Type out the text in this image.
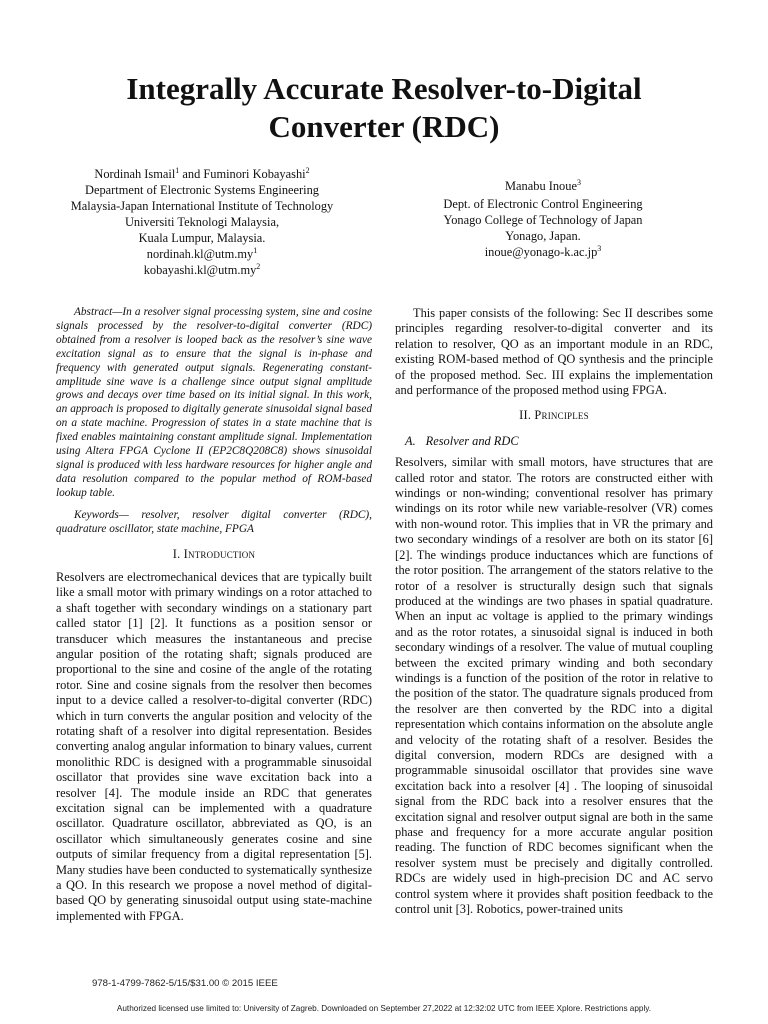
Integrally Accurate Resolver-to-Digital
Converter (RDC)
Nordinah Ismail$^1$ and Fuminori Kobayashi$^2$
Department of Electronic Systems Engineering
Malaysia-Japan International Institute of Technology
Universiti Teknologi Malaysia,
Kuala Lumpur, Malaysia.
$nordinah.kl@utm.my^1$
$kobayashi.kl@utm.my^2$
Manabu Inoue$^3$
Dept. of Electronic Control Engineering
Yonago College of Technology of Japan
Yonago, Japan.
$inoue@yonago-k.ac.jp^3$

Abstract—In a resolver signal processing system, sine and cosine signals processed by the resolver-to-digital converter (RDC) obtained from a resolver is looped back as the resolver’s sine wave excitation signal as to ensure that the signal is in-phase and frequency with generated output signals. Regenerating constant-amplitude sine wave is a challenge since output signal amplitude grows and decays over time based on its initial signal. In this work, an approach is proposed to digitally generate sinusoidal signal based on a state machine. Progression of states in a state machine that is fixed enables maintaining constant amplitude signal. Implementation using Altera FPGA Cyclone II (EP2C8Q208C8) shows sinusoidal signal is produced with less hardware resources for higher angle and data resolution compared to the popular method of ROM-based lookup table.

Keywords— resolver, resolver digital converter (RDC), quadrature oscillator, state machine, FPGA

I. Introduction

Resolvers are electromechanical devices that are typically built like a small motor with primary windings on a rotor attached to a shaft together with secondary windings on a stationary part called stator [1] [2]. It functions as a position sensor or transducer which measures the instantaneous and precise angular position of the rotating shaft; signals produced are proportional to the sine and cosine of the angle of the rotating rotor. Sine and cosine signals from the resolver then becomes input to a device called a resolver-to-digital converter (RDC) which in turn converts the angular position and velocity of the rotating shaft of a resolver into digital representation. Besides converting analog angular information to binary values, current monolithic RDC is designed with a programmable sinusoidal oscillator that provides sine wave excitation back into a resolver [4]. The module inside an RDC that generates excitation signal can be implemented with a quadrature oscillator. Quadrature oscillator, abbreviated as QO, is an oscillator which simultaneously generates cosine and sine outputs of similar frequency from a digital representation [5]. Many studies have been conducted to systematically synthesize a QO. In this research we propose a novel method of digital-based QO by generating sinusoidal output using state-machine implemented with FPGA.

This paper consists of the following: Sec II describes some principles regarding resolver-to-digital converter and its relation to resolver, QO as an important module in an RDC, existing ROM-based method of QO synthesis and the principle of the proposed method. Sec. III explains the implementation and performance of the proposed method using FPGA.

II. Principles
A. Resolver and RDC

Resolvers, similar with small motors, have structures that are called rotor and stator. The rotors are constructed either with windings or non-winding; conventional resolver has primary windings on its rotor while new variable-resolver (VR) comes with non-wound rotor. This implies that in VR the primary and two secondary windings of a resolver are both on its stator [6] [2]. The windings produce inductances which are functions of the rotor position. The arrangement of the stators relative to the rotor of a resolver is structurally design such that signals produced at the windings are two phases in spatial quadrature. When an input ac voltage is applied to the primary windings and as the rotor rotates, a sinusoidal signal is induced in both secondary windings of a resolver. The value of mutual coupling between the excited primary winding and both secondary windings is a function of the position of the rotor in relative to the position of the stator. The quadrature signals produced from the resolver are then converted by the RDC into a digital representation which contains information on the absolute angle and velocity of the rotating shaft of a resolver. Besides the digital conversion, modern RDCs are designed with a programmable sinusoidal oscillator that provides sine wave excitation back into a resolver [4] . The looping of sinusoidal signal from the RDC back into a resolver ensures that the excitation signal and resolver output signal are both in the same phase and frequency for a more accurate angular position reading. The function of RDC becomes significant when the resolver system must be precisely and digitally controlled. RDCs are widely used in high-precision DC and AC servo control system where it provides shaft position feedback to the control unit [3]. Robotics, power-trained units

978-1-4799-7862-5/15/$31.00 © 2015 IEEE
Authorized licensed use limited to: University of Zagreb. Downloaded on September 27,2022 at 12:32:02 UTC from IEEE Xplore. Restrictions apply.
